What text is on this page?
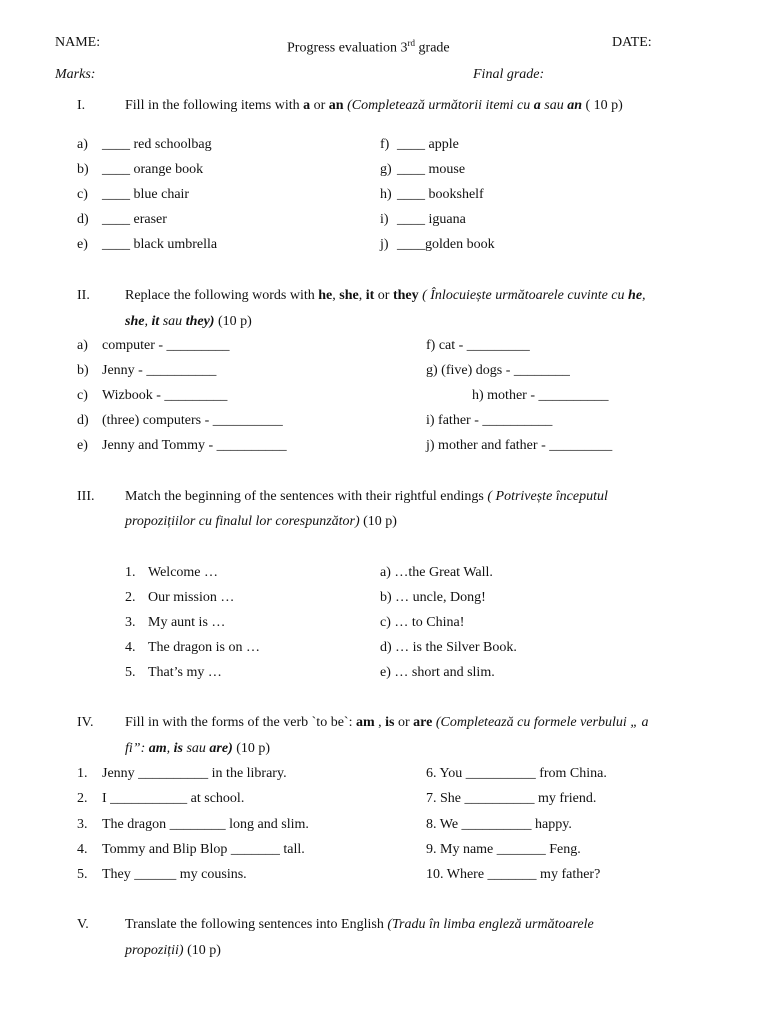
NAME:	Progress evaluation 3rd grade	DATE:
Marks:	Final grade:
I.	Fill in the following items with a or an (Completează următorii itemi cu a sau an ( 10 p)
a) ____ red schoolbag
b) ____ orange book
c) ____ blue chair
d) ____ eraser
e) ____ black umbrella
f) ____ apple
g) ____ mouse
h) ____ bookshelf
i) ____ iguana
j) ____golden book
II.	Replace the following words with he, she, it or they ( Înlocuiește următoarele cuvinte cu he,
she, it sau they) (10 p)
a) computer - _________
b) Jenny - __________
c) Wizbook - _________
d) (three) computers - __________
e) Jenny and Tommy - __________
f) cat - _________
g) (five) dogs - ________
h) mother - __________
i) father - __________
j) mother and father - _________
III. Match the beginning of the sentences with their rightful endings ( Potrivește începutul
propozițiilor cu finalul lor corespunzător) (10 p)
1. Welcome …
2. Our mission …
3. My aunt is …
4. The dragon is on …
5. That’s my …
a) …the Great Wall.
b) … uncle, Dong!
c) … to China!
d) … is the Silver Book.
e) … short and slim.
IV. Fill in with the forms of the verb `to be`: am , is or are (Completează cu formele verbului „ a
fi”: am, is sau are) (10 p)
1. Jenny __________ in the library.
2. I ___________ at school.
3. The dragon ________ long and slim.
4. Tommy and Blip Blop _______ tall.
5. They ______ my cousins.
6. You __________ from China.
7. She __________ my friend.
8. We __________ happy.
9. My name _______ Feng.
10. Where _______ my father?
V.	Translate the following sentences into English (Tradu în limba engleză următoarele
propoziții) (10 p)
